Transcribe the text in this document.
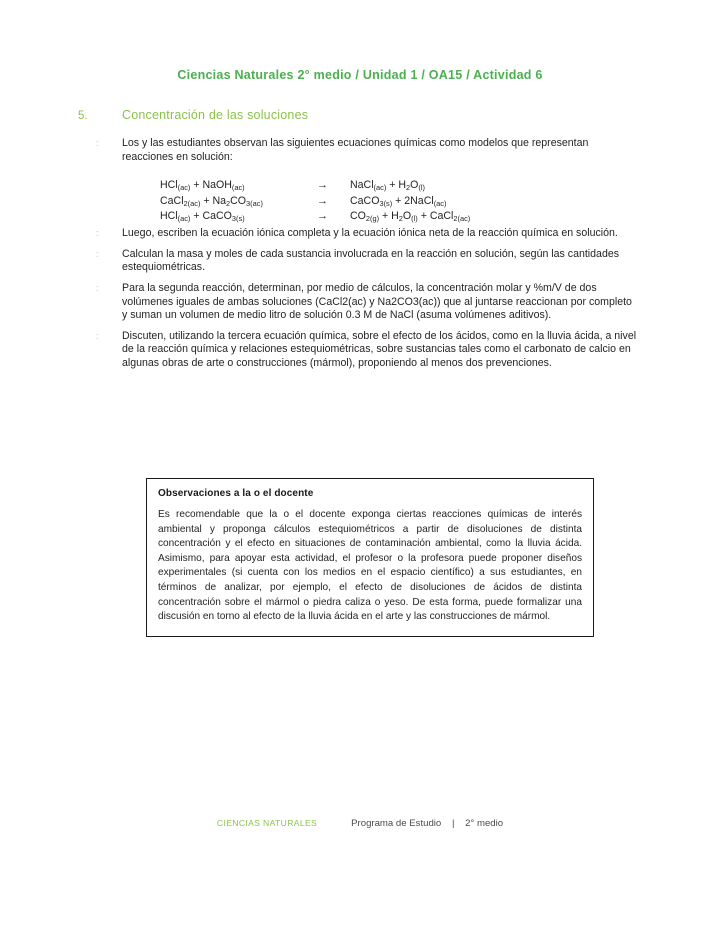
Ciencias Naturales 2° medio / Unidad 1 / OA15 / Actividad 6
5.	Concentración de las soluciones
:	Los y las estudiantes observan las siguientes ecuaciones químicas como modelos que representan reacciones en solución:
:	Luego, escriben la ecuación iónica completa y la ecuación iónica neta de la reacción química en solución.
:	Calculan la masa y moles de cada sustancia involucrada en la reacción en solución, según las cantidades estequiométricas.
:	Para la segunda reacción, determinan, por medio de cálculos, la concentración molar y %m/V de dos volúmenes iguales de ambas soluciones (CaCl2(ac) y Na2CO3(ac)) que al juntarse reaccionan por completo y suman un volumen de medio litro de solución 0.3 M de NaCl (asuma volúmenes aditivos).
:	Discuten, utilizando la tercera ecuación química, sobre el efecto de los ácidos, como en la lluvia ácida, a nivel de la reacción química y relaciones estequiométricas, sobre sustancias tales como el carbonato de calcio en algunas obras de arte o construcciones (mármol), proponiendo al menos dos prevenciones.
HCl$_{(ac)}$ + NaOH$_{(ac)}$	→	NaCl$_{(ac)}$ + $H_2O_{(l)}$
CaCl$_{2(ac)}$ + $Na_2CO_{3(ac)}$	→	CaCO$_{3(s)}$ + 2NaCl$_{(ac)}$
HCl$_{(ac)}$ + CaCO$_{3(s)}$	→	$CO_{2(g)} + H_2O_{(l)}$ + CaCl$_{2(ac)}$
Observaciones a la o el docente
Es recomendable que la o el docente exponga ciertas reacciones químicas de interés ambiental y proponga cálculos estequiométricos a partir de disoluciones de distinta concentración y el efecto en situaciones de contaminación ambiental, como la lluvia ácida. Asimismo, para apoyar esta actividad, el profesor o la profesora puede proponer diseños experimentales (si cuenta con los medios en el espacio científico) a sus estudiantes, en términos de analizar, por ejemplo, el efecto de disoluciones de ácidos de distinta concentración sobre el mármol o piedra caliza o yeso. De esta forma, puede formalizar una discusión en torno al efecto de la lluvia ácida en el arte y las construcciones de mármol.
CIENCIAS NATURALES	Programa de Estudio | 2° medio
